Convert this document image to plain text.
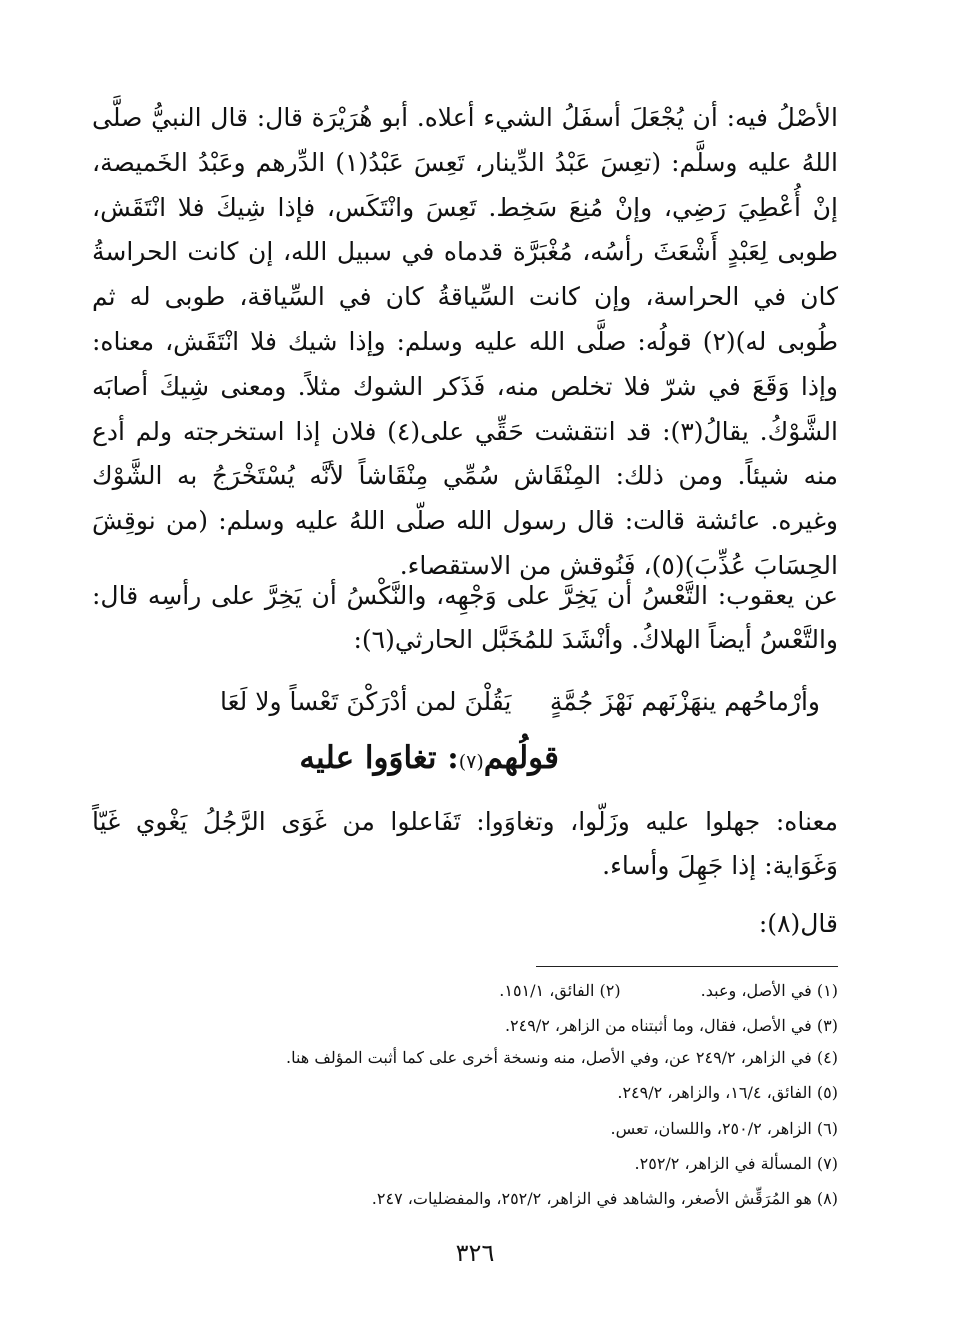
الأصْلُ فيه: أن يُجْعَلَ أسفَلُ الشيء أعلاه. أبو هُرَيْرَة قال: قال النبيُّ صلَّى اللهُ عليه وسلَّم: (تعِسَ عَبْدُ الدِّينار، تَعِسَ عَبْدُ(١) الدِّرهم وعَبْدُ الخَميصة، إنْ أُعْطِيَ رَضِي، وإنْ مُنِعَ سَخِط. تَعِسَ وانْتَكَس، فإذا شِيكَ فلا انْتَقَش، طوبى لِعَبْدٍ أَشْعَثَ رأسُه، مُغْبَرَّة قدماه في سبيل الله، إن كانت الحراسةُ كان في الحراسة، وإن كانت السِّياقةُ كان في السِّياقة، طوبى له ثم طُوبى له)(٢) قولُه: صلَّى الله عليه وسلم: وإذا شيك فلا انْتَقَش، معناه: وإذا وَقَعَ في شرّ فلا تخلص منه، فَذَكر الشوك مثلاً. ومعنى شِيكَ أصابَه الشَّوْكُ. يقالُ(٣): قد انتقشت حَقِّي على(٤) فلان إذا استخرجته ولم أدع منه شيئاً. ومن ذلك: المِنْقَاش سُمِّي مِنْقَاشاً لأنَّه يُسْتَخْرَجُ به الشَّوْك وغيره. عائشة قالت: قال رسول الله صلّى اللهُ عليه وسلم: (من نوقِشَ الحِسَابَ عُذِّبَ)(٥)، فَنُوقش من الاستقصاء.
عن يعقوب: التَّعْسُ أن يَخِرَّ على وَجْهِه، والنَّكْسُ أن يَخِرَّ على رأسِه قال: والتَّعْسُ أيضاً الهلاكُ. وأنْشَدَ للمُخَبَّل الحارثي(٦):
وأرْماحُهم ينهَزْنَهم نَهْزَ جُمَّةٍ
يَقُلْنَ لمن أدْرَكْنَ تَعْساً ولا لَعَا
قولُهم(٧): تغاوَوا عليه
معناه: جهلوا عليه وزَلّوا، وتغاوَوا: تَفَاعلوا من غَوَى الرَّجُلُ يَغْوي غَيّاً وَغَوَاية: إذا جَهِلَ وأساء.
قال(٨):
(١) في الأصل، وعبد.(٢) الفائق، ١٥١/١.
(٣) في الأصل، فقال، وما أثبتناه من الزاهر، ٢٤٩/٢.
(٤) في الزاهر، ٢٤٩/٢ عن، وفي الأصل، منه ونسخة أخرى على كما أثبت المؤلف هنا.
(٥) الفائق، ١٦/٤، والزاهر، ٢٤٩/٢.
(٦) الزاهر، ٢٥٠/٢، واللسان، تعس.
(٧) المسألة في الزاهر، ٢٥٢/٢.
(٨) هو المُرَقِّش الأصغر، والشاهد في الزاهر، ٢٥٢/٢، والمفضليات، ٢٤٧.
٣٢٦
